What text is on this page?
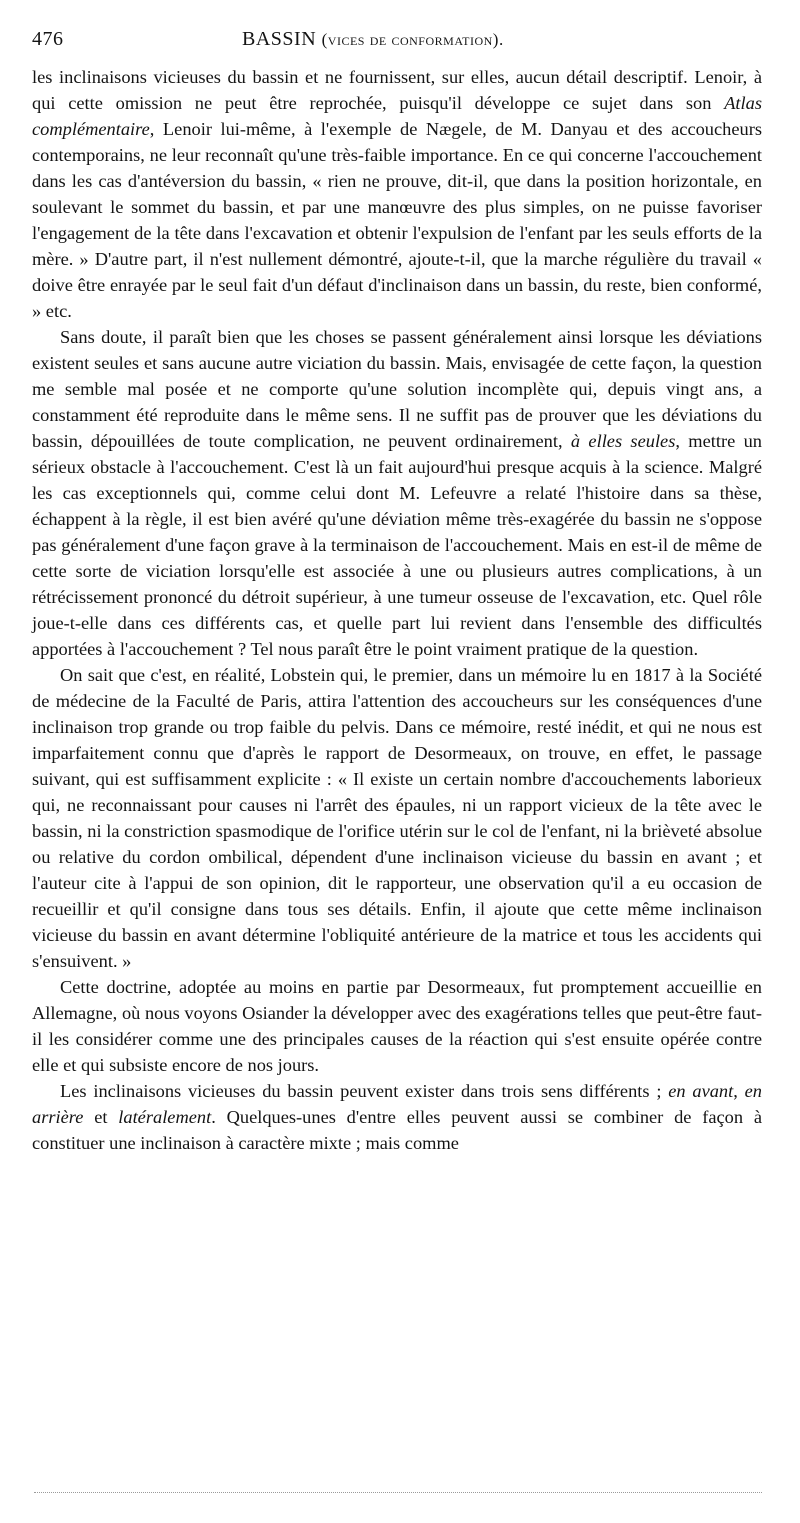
476	BASSIN (vices de conformation).

les inclinaisons vicieuses du bassin et ne fournissent, sur elles, aucun détail descriptif. Lenoir, à qui cette omission ne peut être reprochée, puisqu'il développe ce sujet dans son Atlas complémentaire, Lenoir lui-même, à l'exemple de Nægele, de M. Danyau et des accoucheurs contemporains, ne leur reconnaît qu'une très-faible importance. En ce qui concerne l'accouchement dans les cas d'antéversion du bassin, « rien ne prouve, dit-il, que dans la position horizontale, en soulevant le sommet du bassin, et par une manœuvre des plus simples, on ne puisse favoriser l'engagement de la tête dans l'excavation et obtenir l'expulsion de l'enfant par les seuls efforts de la mère. » D'autre part, il n'est nullement démontré, ajoute-t-il, que la marche régulière du travail « doive être enrayée par le seul fait d'un défaut d'inclinaison dans un bassin, du reste, bien conformé, » etc.

Sans doute, il paraît bien que les choses se passent généralement ainsi lorsque les déviations existent seules et sans aucune autre viciation du bassin. Mais, envisagée de cette façon, la question me semble mal posée et ne comporte qu'une solution incomplète qui, depuis vingt ans, a constamment été reproduite dans le même sens. Il ne suffit pas de prouver que les déviations du bassin, dépouillées de toute complication, ne peuvent ordinairement, à elles seules, mettre un sérieux obstacle à l'accouchement. C'est là un fait aujourd'hui presque acquis à la science. Malgré les cas exceptionnels qui, comme celui dont M. Lefeuvre a relaté l'histoire dans sa thèse, échappent à la règle, il est bien avéré qu'une déviation même très-exagérée du bassin ne s'oppose pas généralement d'une façon grave à la terminaison de l'accouchement. Mais en est-il de même de cette sorte de viciation lorsqu'elle est associée à une ou plusieurs autres complications, à un rétrécissement prononcé du détroit supérieur, à une tumeur osseuse de l'excavation, etc. Quel rôle joue-t-elle dans ces différents cas, et quelle part lui revient dans l'ensemble des difficultés apportées à l'accouchement ? Tel nous paraît être le point vraiment pratique de la question.

On sait que c'est, en réalité, Lobstein qui, le premier, dans un mémoire lu en 1817 à la Société de médecine de la Faculté de Paris, attira l'attention des accoucheurs sur les conséquences d'une inclinaison trop grande ou trop faible du pelvis. Dans ce mémoire, resté inédit, et qui ne nous est imparfaitement connu que d'après le rapport de Desormeaux, on trouve, en effet, le passage suivant, qui est suffisamment explicite : « Il existe un certain nombre d'accouchements laborieux qui, ne reconnaissant pour causes ni l'arrêt des épaules, ni un rapport vicieux de la tête avec le bassin, ni la constriction spasmodique de l'orifice utérin sur le col de l'enfant, ni la brièveté absolue ou relative du cordon ombilical, dépendent d'une inclinaison vicieuse du bassin en avant ; et l'auteur cite à l'appui de son opinion, dit le rapporteur, une observation qu'il a eu occasion de recueillir et qu'il consigne dans tous ses détails. Enfin, il ajoute que cette même inclinaison vicieuse du bassin en avant détermine l'obliquité antérieure de la matrice et tous les accidents qui s'ensuivent. »

Cette doctrine, adoptée au moins en partie par Desormeaux, fut promptement accueillie en Allemagne, où nous voyons Osiander la développer avec des exagérations telles que peut-être faut-il les considérer comme une des principales causes de la réaction qui s'est ensuite opérée contre elle et qui subsiste encore de nos jours.

Les inclinaisons vicieuses du bassin peuvent exister dans trois sens différents ; en avant, en arrière et latéralement. Quelques-unes d'entre elles peuvent aussi se combiner de façon à constituer une inclinaison à caractère mixte ; mais comme
